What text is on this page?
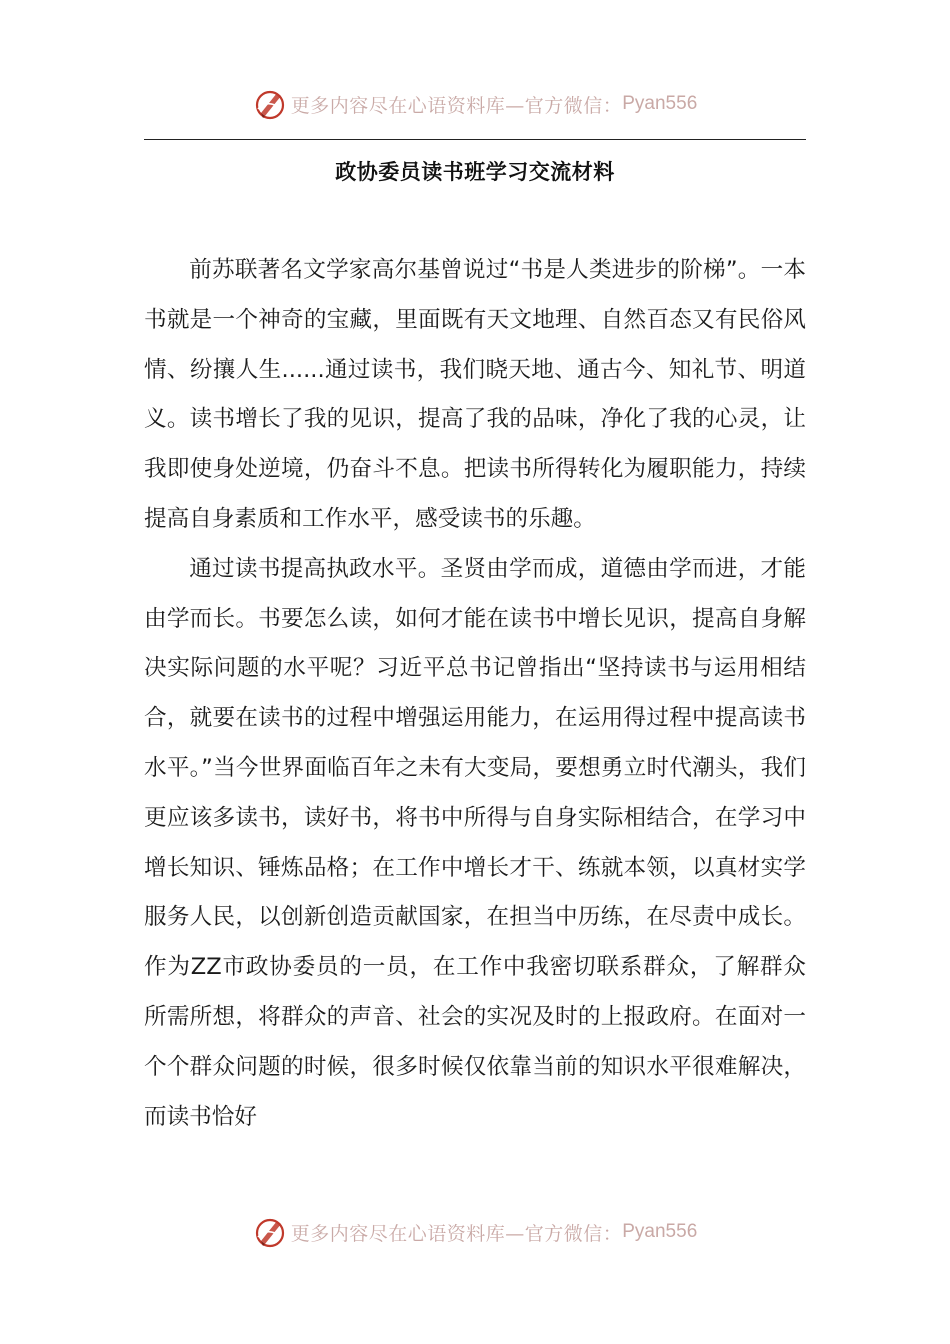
更多内容尽在心语资料库—官方微信： Pyan556
政协委员读书班学习交流材料

前苏联著名文学家高尔基曾说过“书是人类进步的阶梯”。一本书就是一个神奇的宝藏，里面既有天文地理、自然百态又有民俗风情、纷攘人生......通过读书，我们晓天地、通古今、知礼节、明道义。读书增长了我的见识，提高了我的品味，净化了我的心灵，让我即使身处逆境，仍奋斗不息。把读书所得转化为履职能力，持续提高自身素质和工作水平，感受读书的乐趣。

通过读书提高执政水平。圣贤由学而成，道德由学而进，才能由学而长。书要怎么读，如何才能在读书中增长见识，提高自身解决实际问题的水平呢？习近平总书记曾指出“坚持读书与运用相结合，就要在读书的过程中增强运用能力，在运用得过程中提高读书水平。”当今世界面临百年之未有大变局，要想勇立时代潮头，我们更应该多读书，读好书，将书中所得与自身实际相结合，在学习中增长知识、锤炼品格；在工作中增长才干、练就本领，以真材实学服务人民，以创新创造贡献国家，在担当中历练，在尽责中成长。作为ZZ市政协委员的一员，在工作中我密切联系群众，了解群众所需所想，将群众的声音、社会的实况及时的上报政府。在面对一个个群众问题的时候，很多时候仅依靠当前的知识水平很难解决，而读书恰好

更多内容尽在心语资料库—官方微信： Pyan556
